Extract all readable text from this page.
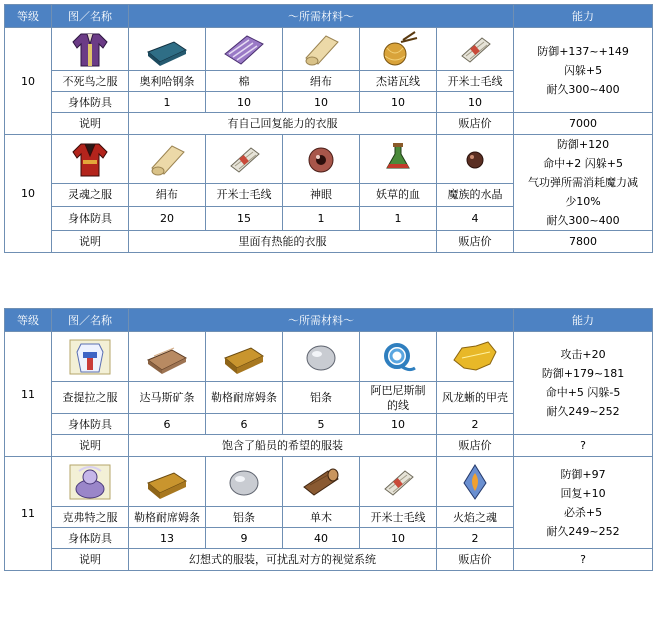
等级	图／名称	～所需材料～					能力
10							防御+137~+149
闪躲+5
耐久300~400

	不死鸟之服	奥利哈钢条	棉	绢布	杰诺瓦线	开米士毛线	
	身体防具	1	10	10	10	10	
	说明	有自己回复能力的衣服				贩店价	7000
10							防御+120
命中+2 闪躲+5
气功弹所需消耗魔力减
少10%
耐久300~400

	灵魂之服	绢布	开米士毛线	神眼	妖草的血	魔族的水晶	
	身体防具	20	15	1	1	4	
	说明	里面有热能的衣服				贩店价	7800
等级	图／名称	～所需材料～					能力
11							攻击+20
防御+179~181
命中+5 闪躲-5
耐久249~252

	查提拉之服	达马斯矿条	勒格耐席姆条	铝条	阿巴尼斯制的线	风龙蜥的甲壳	
	身体防具	6	6	5	10	2	
	说明	饱含了船员的希望的服装				贩店价	?
11							防御+97
回复+10
必杀+5
耐久249~252

	克弗特之服	勒格耐席姆条	铝条	单木	开米士毛线	火焰之魂	
	身体防具	13	9	40	10	2	
	说明	幻想式的服装，可扰乱对方的视觉系统				贩店价	?
